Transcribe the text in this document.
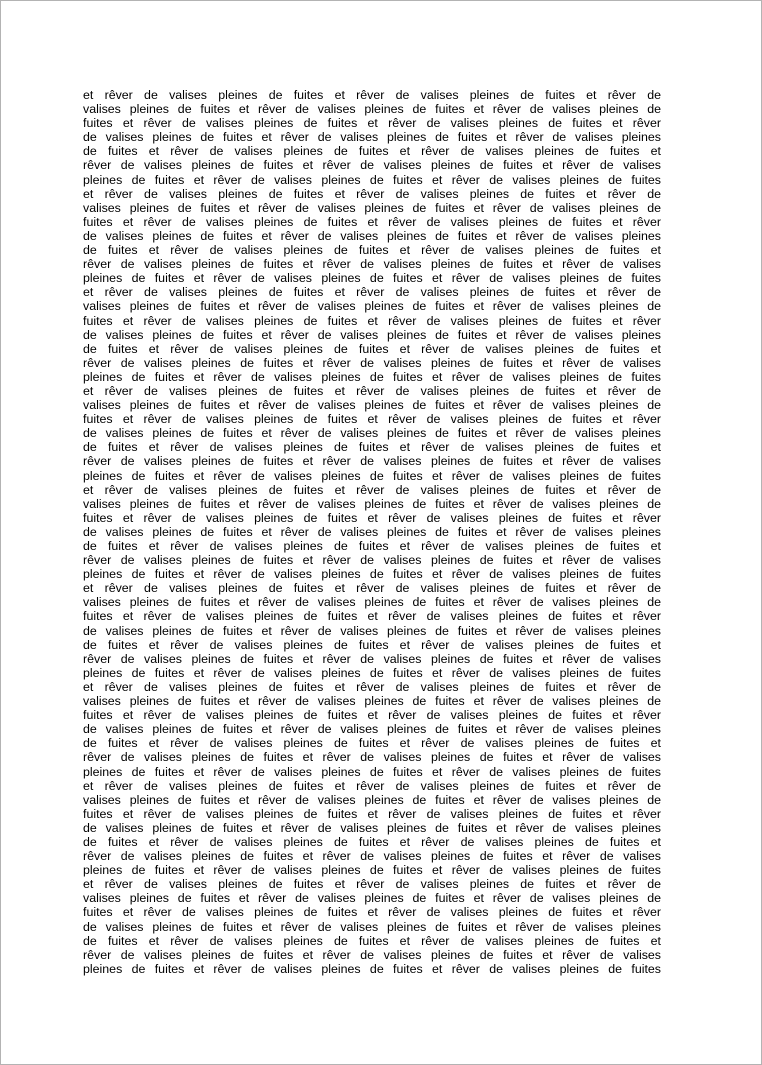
et rêver de valises pleines de fuites et rêver de valises pleines de fuites et rêver de
valises pleines de fuites et rêver de valises pleines de fuites et rêver de valises pleines de
fuites et rêver de valises pleines de fuites et rêver de valises pleines de fuites et rêver
de valises pleines de fuites et rêver de valises pleines de fuites et rêver de valises pleines
de fuites et rêver de valises pleines de fuites et rêver de valises pleines de fuites et
rêver de valises pleines de fuites et rêver de valises pleines de fuites et rêver de valises
pleines de fuites et rêver de valises pleines de fuites et rêver de valises pleines de fuites
et rêver de valises pleines de fuites et rêver de valises pleines de fuites et rêver de
valises pleines de fuites et rêver de valises pleines de fuites et rêver de valises pleines de
fuites et rêver de valises pleines de fuites et rêver de valises pleines de fuites et rêver
de valises pleines de fuites et rêver de valises pleines de fuites et rêver de valises pleines
de fuites et rêver de valises pleines de fuites et rêver de valises pleines de fuites et
rêver de valises pleines de fuites et rêver de valises pleines de fuites et rêver de valises
pleines de fuites et rêver de valises pleines de fuites et rêver de valises pleines de fuites
et rêver de valises pleines de fuites et rêver de valises pleines de fuites et rêver de
valises pleines de fuites et rêver de valises pleines de fuites et rêver de valises pleines de
fuites et rêver de valises pleines de fuites et rêver de valises pleines de fuites et rêver
de valises pleines de fuites et rêver de valises pleines de fuites et rêver de valises pleines
de fuites et rêver de valises pleines de fuites et rêver de valises pleines de fuites et
rêver de valises pleines de fuites et rêver de valises pleines de fuites et rêver de valises
pleines de fuites et rêver de valises pleines de fuites et rêver de valises pleines de fuites
et rêver de valises pleines de fuites et rêver de valises pleines de fuites et rêver de
valises pleines de fuites et rêver de valises pleines de fuites et rêver de valises pleines de
fuites et rêver de valises pleines de fuites et rêver de valises pleines de fuites et rêver
de valises pleines de fuites et rêver de valises pleines de fuites et rêver de valises pleines
de fuites et rêver de valises pleines de fuites et rêver de valises pleines de fuites et
rêver de valises pleines de fuites et rêver de valises pleines de fuites et rêver de valises
pleines de fuites et rêver de valises pleines de fuites et rêver de valises pleines de fuites
et rêver de valises pleines de fuites et rêver de valises pleines de fuites et rêver de
valises pleines de fuites et rêver de valises pleines de fuites et rêver de valises pleines de
fuites et rêver de valises pleines de fuites et rêver de valises pleines de fuites et rêver
de valises pleines de fuites et rêver de valises pleines de fuites et rêver de valises pleines
de fuites et rêver de valises pleines de fuites et rêver de valises pleines de fuites et
rêver de valises pleines de fuites et rêver de valises pleines de fuites et rêver de valises
pleines de fuites et rêver de valises pleines de fuites et rêver de valises pleines de fuites
et rêver de valises pleines de fuites et rêver de valises pleines de fuites et rêver de
valises pleines de fuites et rêver de valises pleines de fuites et rêver de valises pleines de
fuites et rêver de valises pleines de fuites et rêver de valises pleines de fuites et rêver
de valises pleines de fuites et rêver de valises pleines de fuites et rêver de valises pleines
de fuites et rêver de valises pleines de fuites et rêver de valises pleines de fuites et
rêver de valises pleines de fuites et rêver de valises pleines de fuites et rêver de valises
pleines de fuites et rêver de valises pleines de fuites et rêver de valises pleines de fuites
et rêver de valises pleines de fuites et rêver de valises pleines de fuites et rêver de
valises pleines de fuites et rêver de valises pleines de fuites et rêver de valises pleines de
fuites et rêver de valises pleines de fuites et rêver de valises pleines de fuites et rêver
de valises pleines de fuites et rêver de valises pleines de fuites et rêver de valises pleines
de fuites et rêver de valises pleines de fuites et rêver de valises pleines de fuites et
rêver de valises pleines de fuites et rêver de valises pleines de fuites et rêver de valises
pleines de fuites et rêver de valises pleines de fuites et rêver de valises pleines de fuites
et rêver de valises pleines de fuites et rêver de valises pleines de fuites et rêver de
valises pleines de fuites et rêver de valises pleines de fuites et rêver de valises pleines de
fuites et rêver de valises pleines de fuites et rêver de valises pleines de fuites et rêver
de valises pleines de fuites et rêver de valises pleines de fuites et rêver de valises pleines
de fuites et rêver de valises pleines de fuites et rêver de valises pleines de fuites et
rêver de valises pleines de fuites et rêver de valises pleines de fuites et rêver de valises
pleines de fuites et rêver de valises pleines de fuites et rêver de valises pleines de fuites
et rêver de valises pleines de fuites et rêver de valises pleines de fuites et rêver de
valises pleines de fuites et rêver de valises pleines de fuites et rêver de valises pleines de
fuites et rêver de valises pleines de fuites et rêver de valises pleines de fuites et rêver
de valises pleines de fuites et rêver de valises pleines de fuites et rêver de valises pleines
de fuites et rêver de valises pleines de fuites et rêver de valises pleines de fuites et
rêver de valises pleines de fuites et rêver de valises pleines de fuites et rêver de valises
pleines de fuites et rêver de valises pleines de fuites et rêver de valises pleines de fuites
